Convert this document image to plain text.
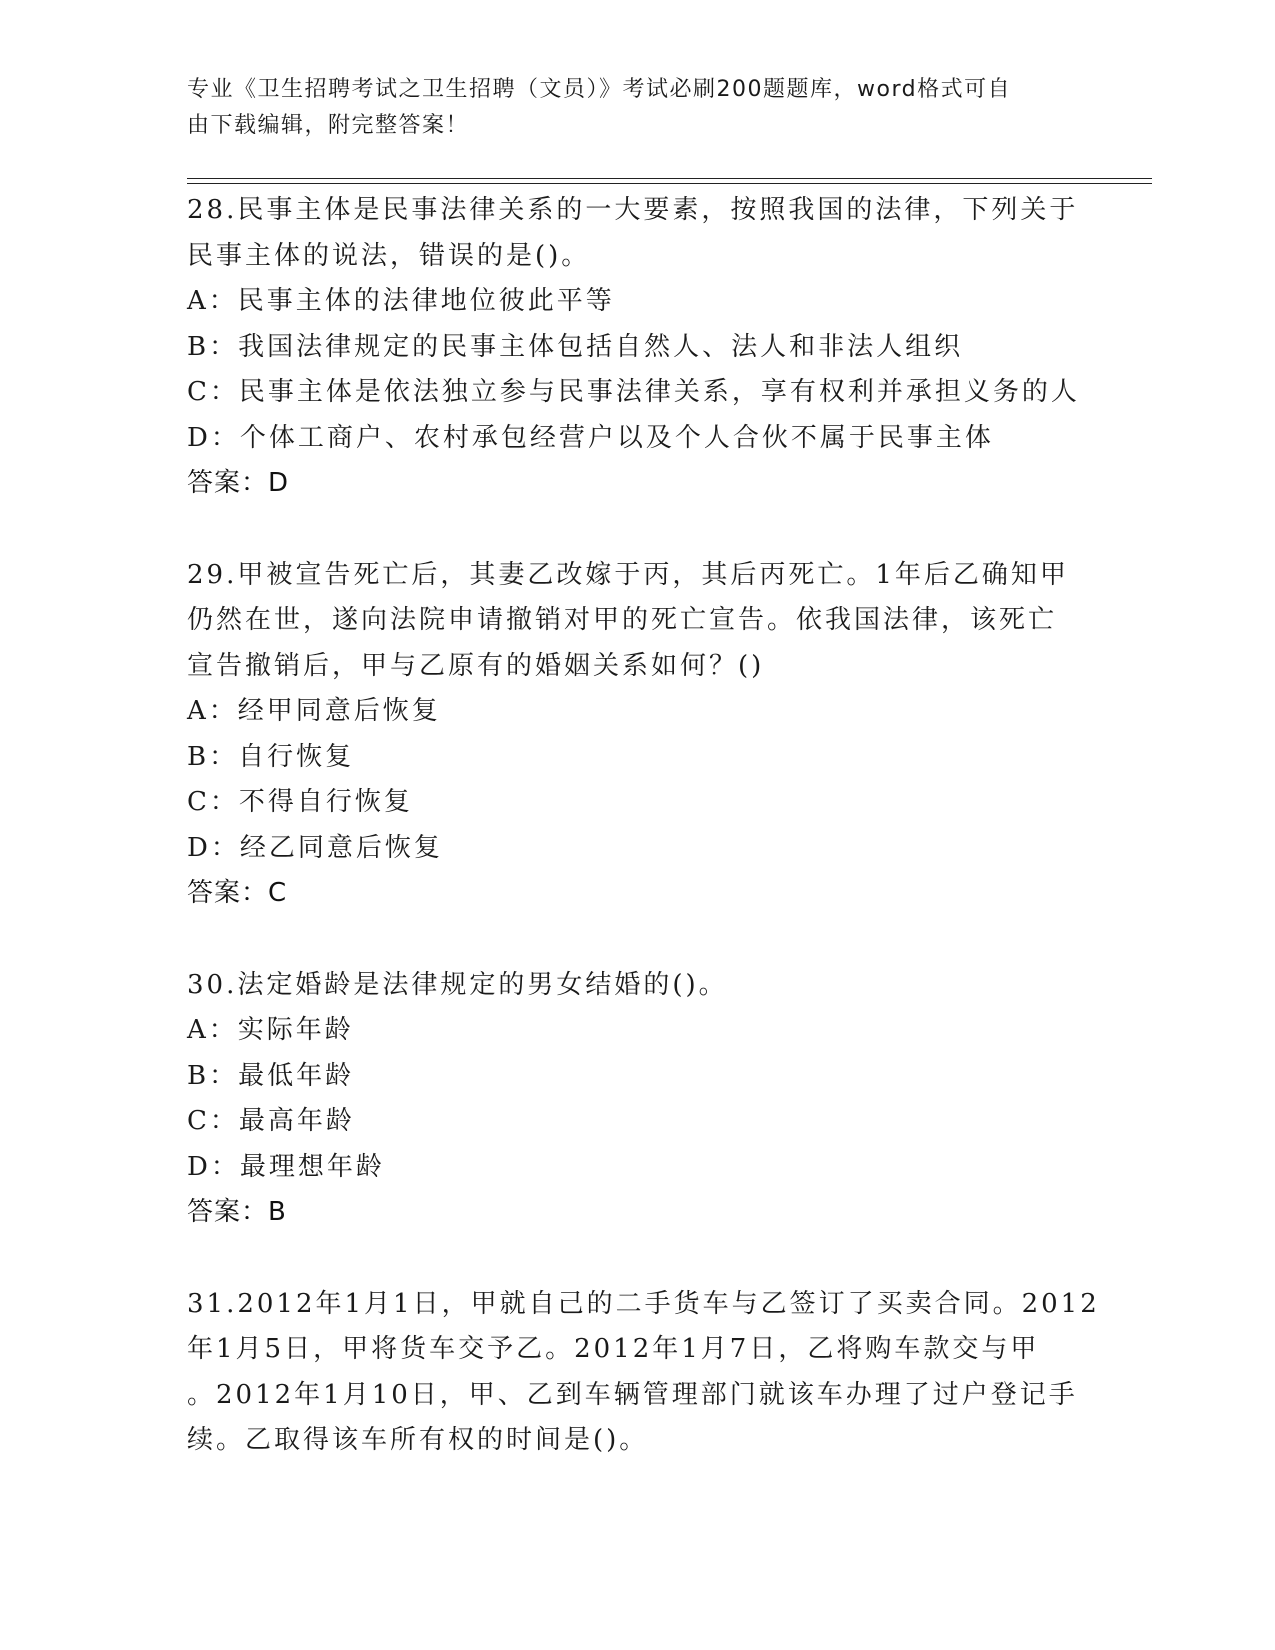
专业《卫生招聘考试之卫生招聘（文员）》考试必刷200题题库，word格式可自
由下载编辑，附完整答案！

28.民事主体是民事法律关系的一大要素，按照我国的法律，下列关于

民事主体的说法，错误的是()。

A：民事主体的法律地位彼此平等

B：我国法律规定的民事主体包括自然人、法人和非法人组织

C：民事主体是依法独立参与民事法律关系，享有权利并承担义务的人

D：个体工商户、农村承包经营户以及个人合伙不属于民事主体

答案：D

29.甲被宣告死亡后，其妻乙改嫁于丙，其后丙死亡。1年后乙确知甲

仍然在世，遂向法院申请撤销对甲的死亡宣告。依我国法律，该死亡

宣告撤销后，甲与乙原有的婚姻关系如何？()

A：经甲同意后恢复

B：自行恢复

C：不得自行恢复

D：经乙同意后恢复

答案：C

30.法定婚龄是法律规定的男女结婚的()。

A：实际年龄

B：最低年龄

C：最高年龄

D：最理想年龄

答案：B

31.2012年1月1日，甲就自己的二手货车与乙签订了买卖合同。2012

年1月5日，甲将货车交予乙。2012年1月7日，乙将购车款交与甲

。2012年1月10日，甲、乙到车辆管理部门就该车办理了过户登记手

续。乙取得该车所有权的时间是()。
